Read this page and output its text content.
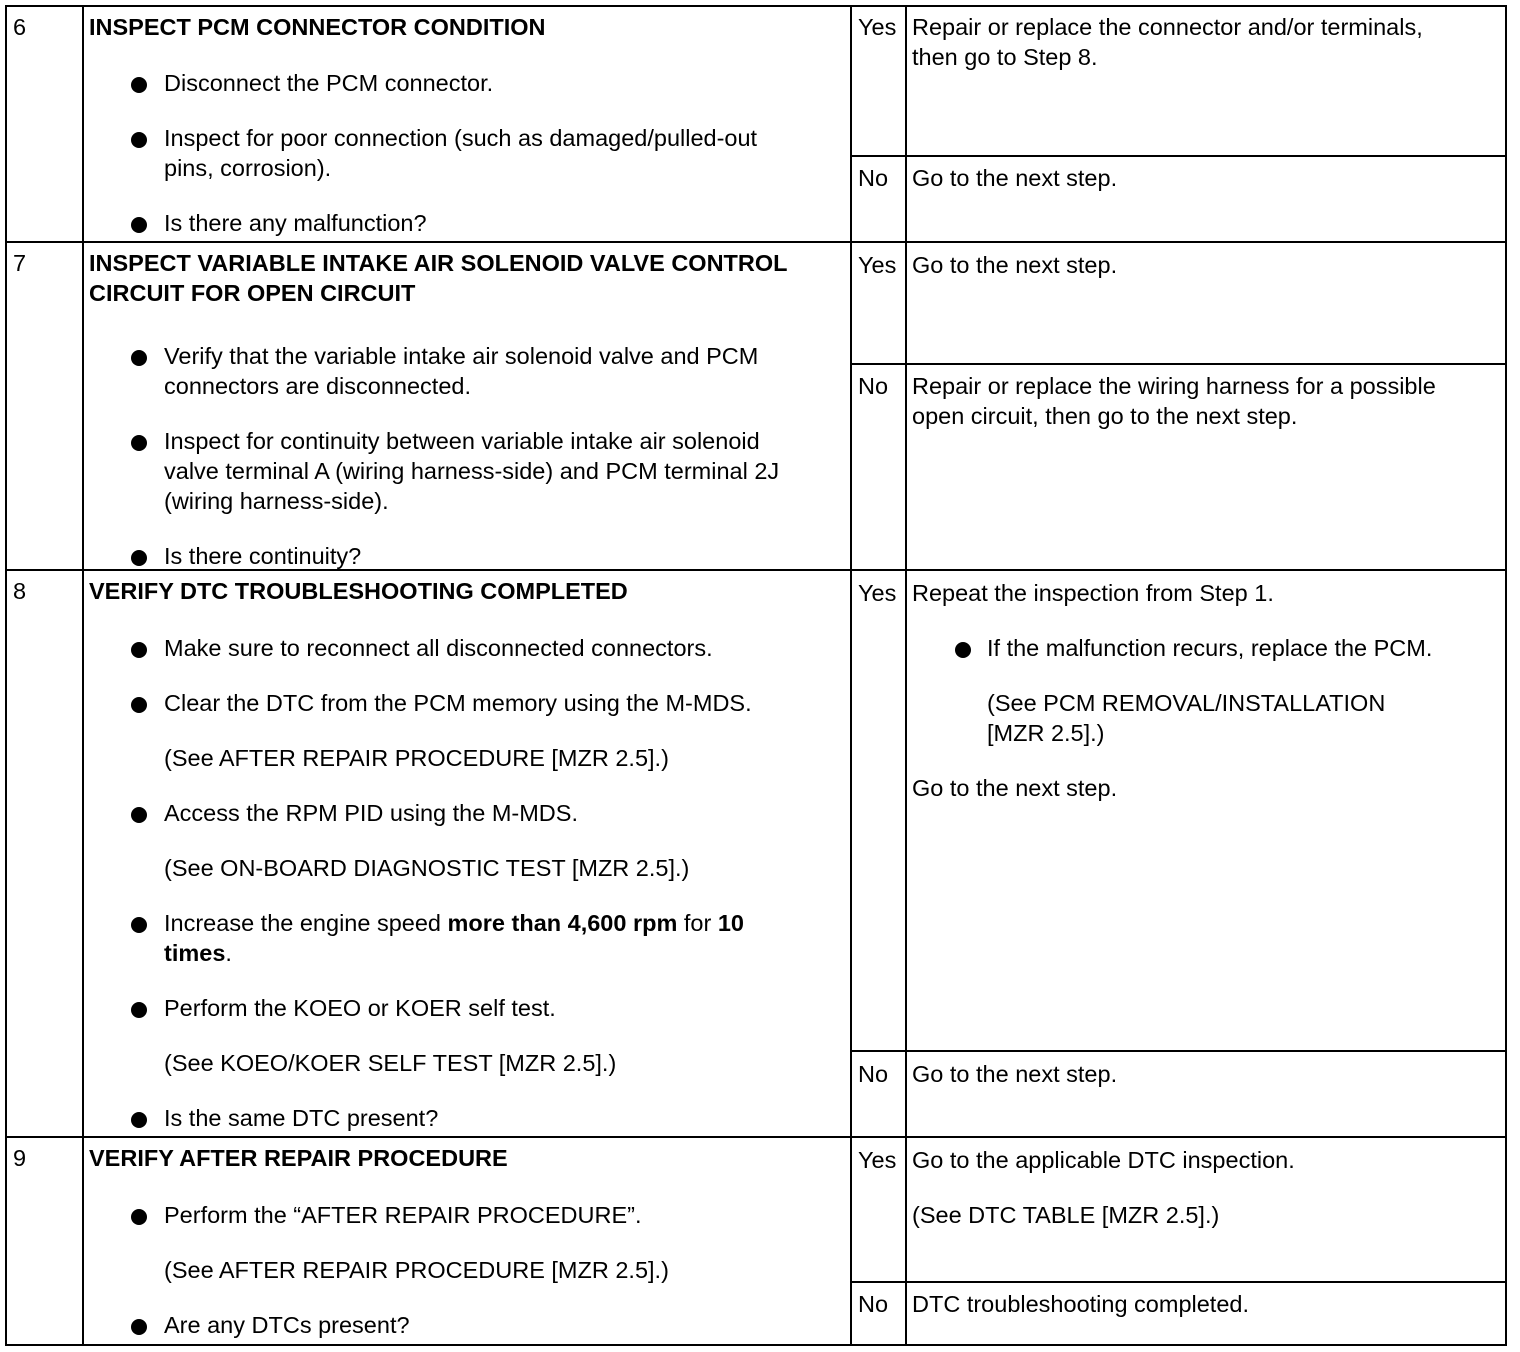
6	INSPECT PCM CONNECTOR CONDITION
Disconnect the PCM connector.
Inspect for poor connection (such as damaged/pulled-out
pins, corrosion).
Is there any malfunction?
Yes Repair or replace the connector and/or terminals,
then go to Step 8.
No Go to the next step.
7	INSPECT VARIABLE INTAKE AIR SOLENOID VALVE CONTROL
CIRCUIT FOR OPEN CIRCUIT
Verify that the variable intake air solenoid valve and PCM
connectors are disconnected.
Inspect for continuity between variable intake air solenoid
valve terminal A (wiring harness-side) and PCM terminal 2J
(wiring harness-side).
Is there continuity?
Yes Go to the next step.
No Repair or replace the wiring harness for a possible
open circuit, then go to the next step.
8	VERIFY DTC TROUBLESHOOTING COMPLETED
Make sure to reconnect all disconnected connectors.
Clear the DTC from the PCM memory using the M-MDS.
(See AFTER REPAIR PROCEDURE [MZR 2.5].)
Access the RPM PID using the M-MDS.
(See ON-BOARD DIAGNOSTIC TEST [MZR 2.5].)
Increase the engine speed more than 4,600 rpm for 10
times.
Perform the KOEO or KOER self test.
(See KOEO/KOER SELF TEST [MZR 2.5].)
Is the same DTC present?
Yes Repeat the inspection from Step 1.
If the malfunction recurs, replace the PCM.
(See PCM REMOVAL/INSTALLATION
[MZR 2.5].)
Go to the next step.
No Go to the next step.
9	VERIFY AFTER REPAIR PROCEDURE
Perform the “AFTER REPAIR PROCEDURE”.
(See AFTER REPAIR PROCEDURE [MZR 2.5].)
Are any DTCs present?
Yes Go to the applicable DTC inspection.
(See DTC TABLE [MZR 2.5].)
No DTC troubleshooting completed.
